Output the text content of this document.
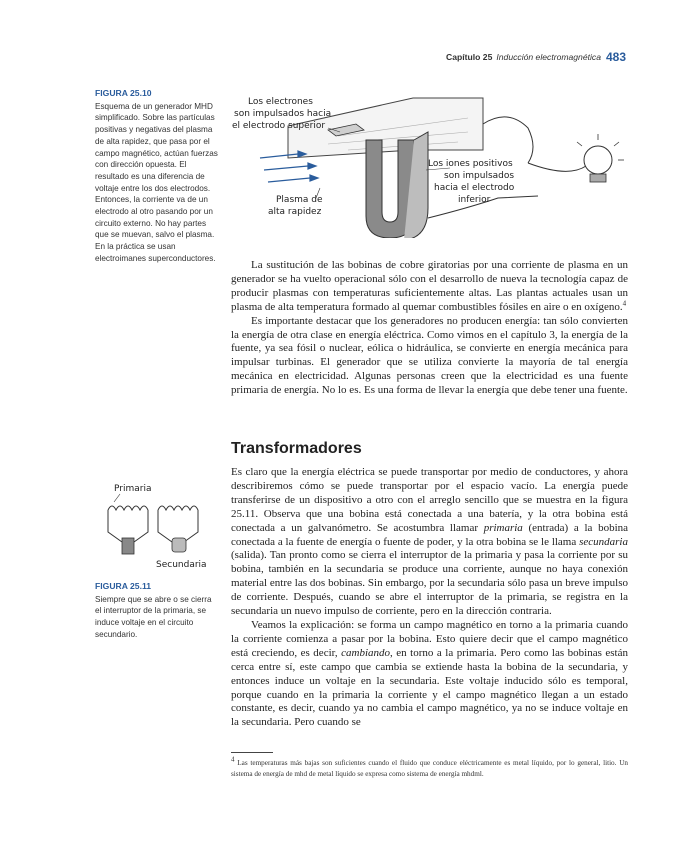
Capítulo 25 Inducción electromagnética 483
FIGURA 25.10
Esquema de un generador MHD simplificado. Sobre las partículas positivas y negativas del plasma de alta rapidez, que pasa por el campo magnético, actúan fuerzas con dirección opuesta. El resultado es una diferencia de voltaje entre los dos electrodos. Entonces, la corriente va de un electrodo al otro pasando por un circuito externo. No hay partes que se muevan, salvo el plasma. En la práctica se usan electroimanes superconductores.
Los electrones
son impulsados hacia
el electrodo superior
Los iones positivos
son impulsados
hacia el electrodo
inferior
Plasma de
alta rapidez

La sustitución de las bobinas de cobre giratorias por una corriente de plasma en un generador se ha vuelto operacional sólo con el desarrollo de nueva la tecnología capaz de producir plasmas con temperaturas suficientemente altas. Las plantas actuales usan un plasma de alta temperatura formado al quemar combustibles fósiles en aire o en oxígeno.$^4$

Es importante destacar que los generadores no producen energía: tan sólo convierten la energía de otra clase en energía eléctrica. Como vimos en el capítulo 3, la energía de la fuente, ya sea fósil o nuclear, eólica o hidráulica, se convierte en energía mecánica para impulsar turbinas. El generador que se utiliza convierte la mayoría de tal energía mecánica en electricidad. Algunas personas creen que la electricidad es una fuente primaria de energía. No lo es. Es una forma de llevar la energía que debe tener una fuente.

Transformadores

Es claro que la energía eléctrica se puede transportar por medio de conductores, y ahora describiremos cómo se puede transportar por el espacio vacío. La energía puede transferirse de un dispositivo a otro con el arreglo sencillo que se muestra en la figura 25.11. Observa que una bobina está conectada a una batería, y la otra bobina está conectada a un galvanómetro. Se acostumbra llamar primaria (entrada) a la bobina conectada a la fuente de energía o fuente de poder, y la otra bobina se le llama secundaria (salida). Tan pronto como se cierra el interruptor de la primaria y pasa la corriente por su bobina, también en la secundaria se produce una corriente, aunque no haya conexión material entre las dos bobinas. Sin embargo, por la secundaria sólo pasa un breve impulso de corriente. Después, cuando se abre el interruptor de la primaria, se registra en la secundaria un nuevo impulso de corriente, pero en la dirección contraria.

Veamos la explicación: se forma un campo magnético en torno a la primaria cuando la corriente comienza a pasar por la bobina. Esto quiere decir que el campo magnético está creciendo, es decir, cambiando, en torno a la primaria. Pero como las bobinas están cerca entre sí, este campo que cambia se extiende hasta la bobina de la secundaria, y entonces induce un voltaje en la secundaria. Este voltaje inducido sólo es temporal, porque cuando en la primaria la corriente y el campo magnético llegan a un estado constante, es decir, cuando ya no cambia el campo magnético, ya no se induce voltaje en la secundaria. Pero cuando se

Primaria
Secundaria
FIGURA 25.11
Siempre que se abre o se cierra el interruptor de la primaria, se induce voltaje en el circuito secundario.
$^4$ Las temperaturas más bajas son suficientes cuando el fluido que conduce eléctricamente es metal líquido, por lo general, litio. Un sistema de energía de mhd de metal líquido se expresa como sistema de energía mhdml.
